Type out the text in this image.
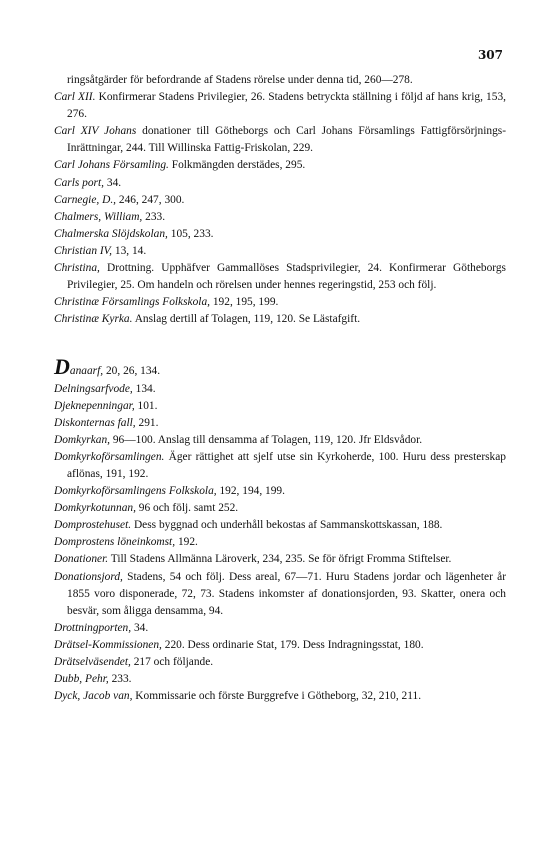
307
ringsåtgärder för befordrande af Stadens rörelse under denna tid, 260—278.
Carl XII. Konfirmerar Stadens Privilegier, 26. Stadens betryckta ställning i följd af hans krig, 153, 276.
Carl XIV Johans donationer till Götheborgs och Carl Johans Församlings Fattigförsörjnings-Inrättningar, 244. Till Willinska Fattig-Friskolan, 229.
Carl Johans Församling. Folkmängden derstädes, 295.
Carls port, 34.
Carnegie, D., 246, 247, 300.
Chalmers, William, 233.
Chalmerska Slöjdskolan, 105, 233.
Christian IV, 13, 14.
Christina, Drottning. Upphäfver Gammallöses Stadsprivilegier, 24. Konfirmerar Götheborgs Privilegier, 25. Om handeln och rörelsen under hennes regeringstid, 253 och följ.
Christinæ Församlings Folkskola, 192, 195, 199.
Christinæ Kyrka. Anslag dertill af Tolagen, 119, 120. Se Lästafgift.
Danaarf, 20, 26, 134.
Delningsarfvode, 134.
Djeknepenningar, 101.
Diskonternas fall, 291.
Domkyrkan, 96—100. Anslag till densamma af Tolagen, 119, 120. Jfr Eldsvådor.
Domkyrkoförsamlingen. Äger rättighet att sjelf utse sin Kyrkoherde, 100. Huru dess presterskap aflönas, 191, 192.
Domkyrkoförsamlingens Folkskola, 192, 194, 199.
Domkyrkotunnan, 96 och följ. samt 252.
Domprostehuset. Dess byggnad och underhåll bekostas af Sammanskottskassan, 188.
Domprostens löneinkomst, 192.
Donationer. Till Stadens Allmänna Läroverk, 234, 235. Se för öfrigt Fromma Stiftelser.
Donationsjord, Stadens, 54 och följ. Dess areal, 67—71. Huru Stadens jordar och lägenheter år 1855 voro disponerade, 72, 73. Stadens inkomster af donationsjorden, 93. Skatter, onera och besvär, som åligga densamma, 94.
Drottningporten, 34.
Drätsel-Kommissionen, 220. Dess ordinarie Stat, 179. Dess Indragningsstat, 180.
Drätselväsendet, 217 och följande.
Dubb, Pehr, 233.
Dyck, Jacob van, Kommissarie och förste Burggrefve i Götheborg, 32, 210, 211.
